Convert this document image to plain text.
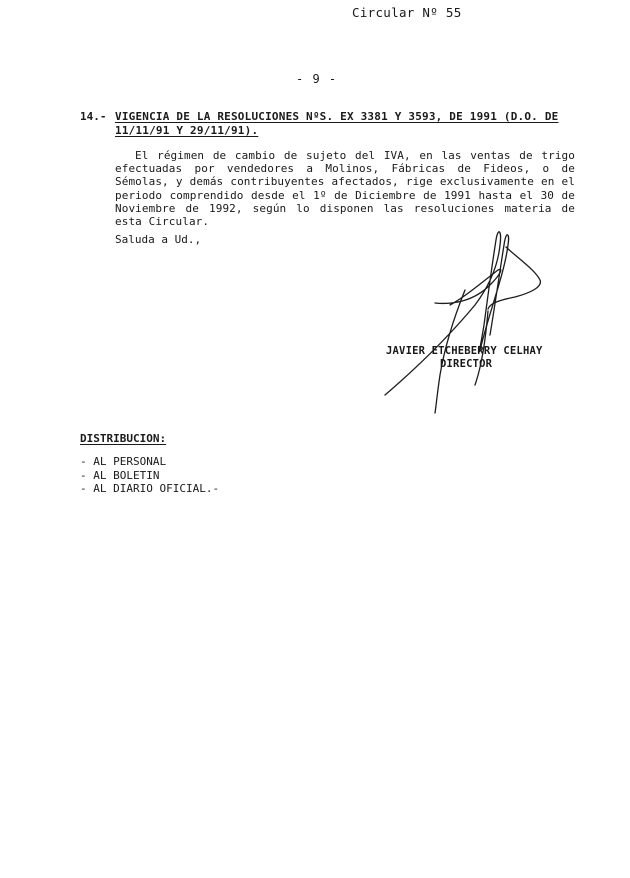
Circular Nº 55
- 9 -
14.- VIGENCIA DE LA RESOLUCIONES NºS. EX 3381 Y 3593, DE 1991 (D.O. DE 11/11/91 Y 29/11/91).
El régimen de cambio de sujeto del IVA, en las ventas de trigo efectuadas por vendedores a Molinos, Fábricas de Fideos, o de Sémolas, y demás contribuyentes afectados, rige exclusivamente en el periodo comprendido desde el 1º de Diciembre de 1991 hasta el 30 de Noviembre de 1992, según lo disponen las resoluciones materia de esta Circular.
Saluda a Ud.,
JAVIER ETCHEBERRY CELHAY
DIRECTOR
DISTRIBUCION:
- AL PERSONAL
- AL BOLETIN
- AL DIARIO OFICIAL.-
